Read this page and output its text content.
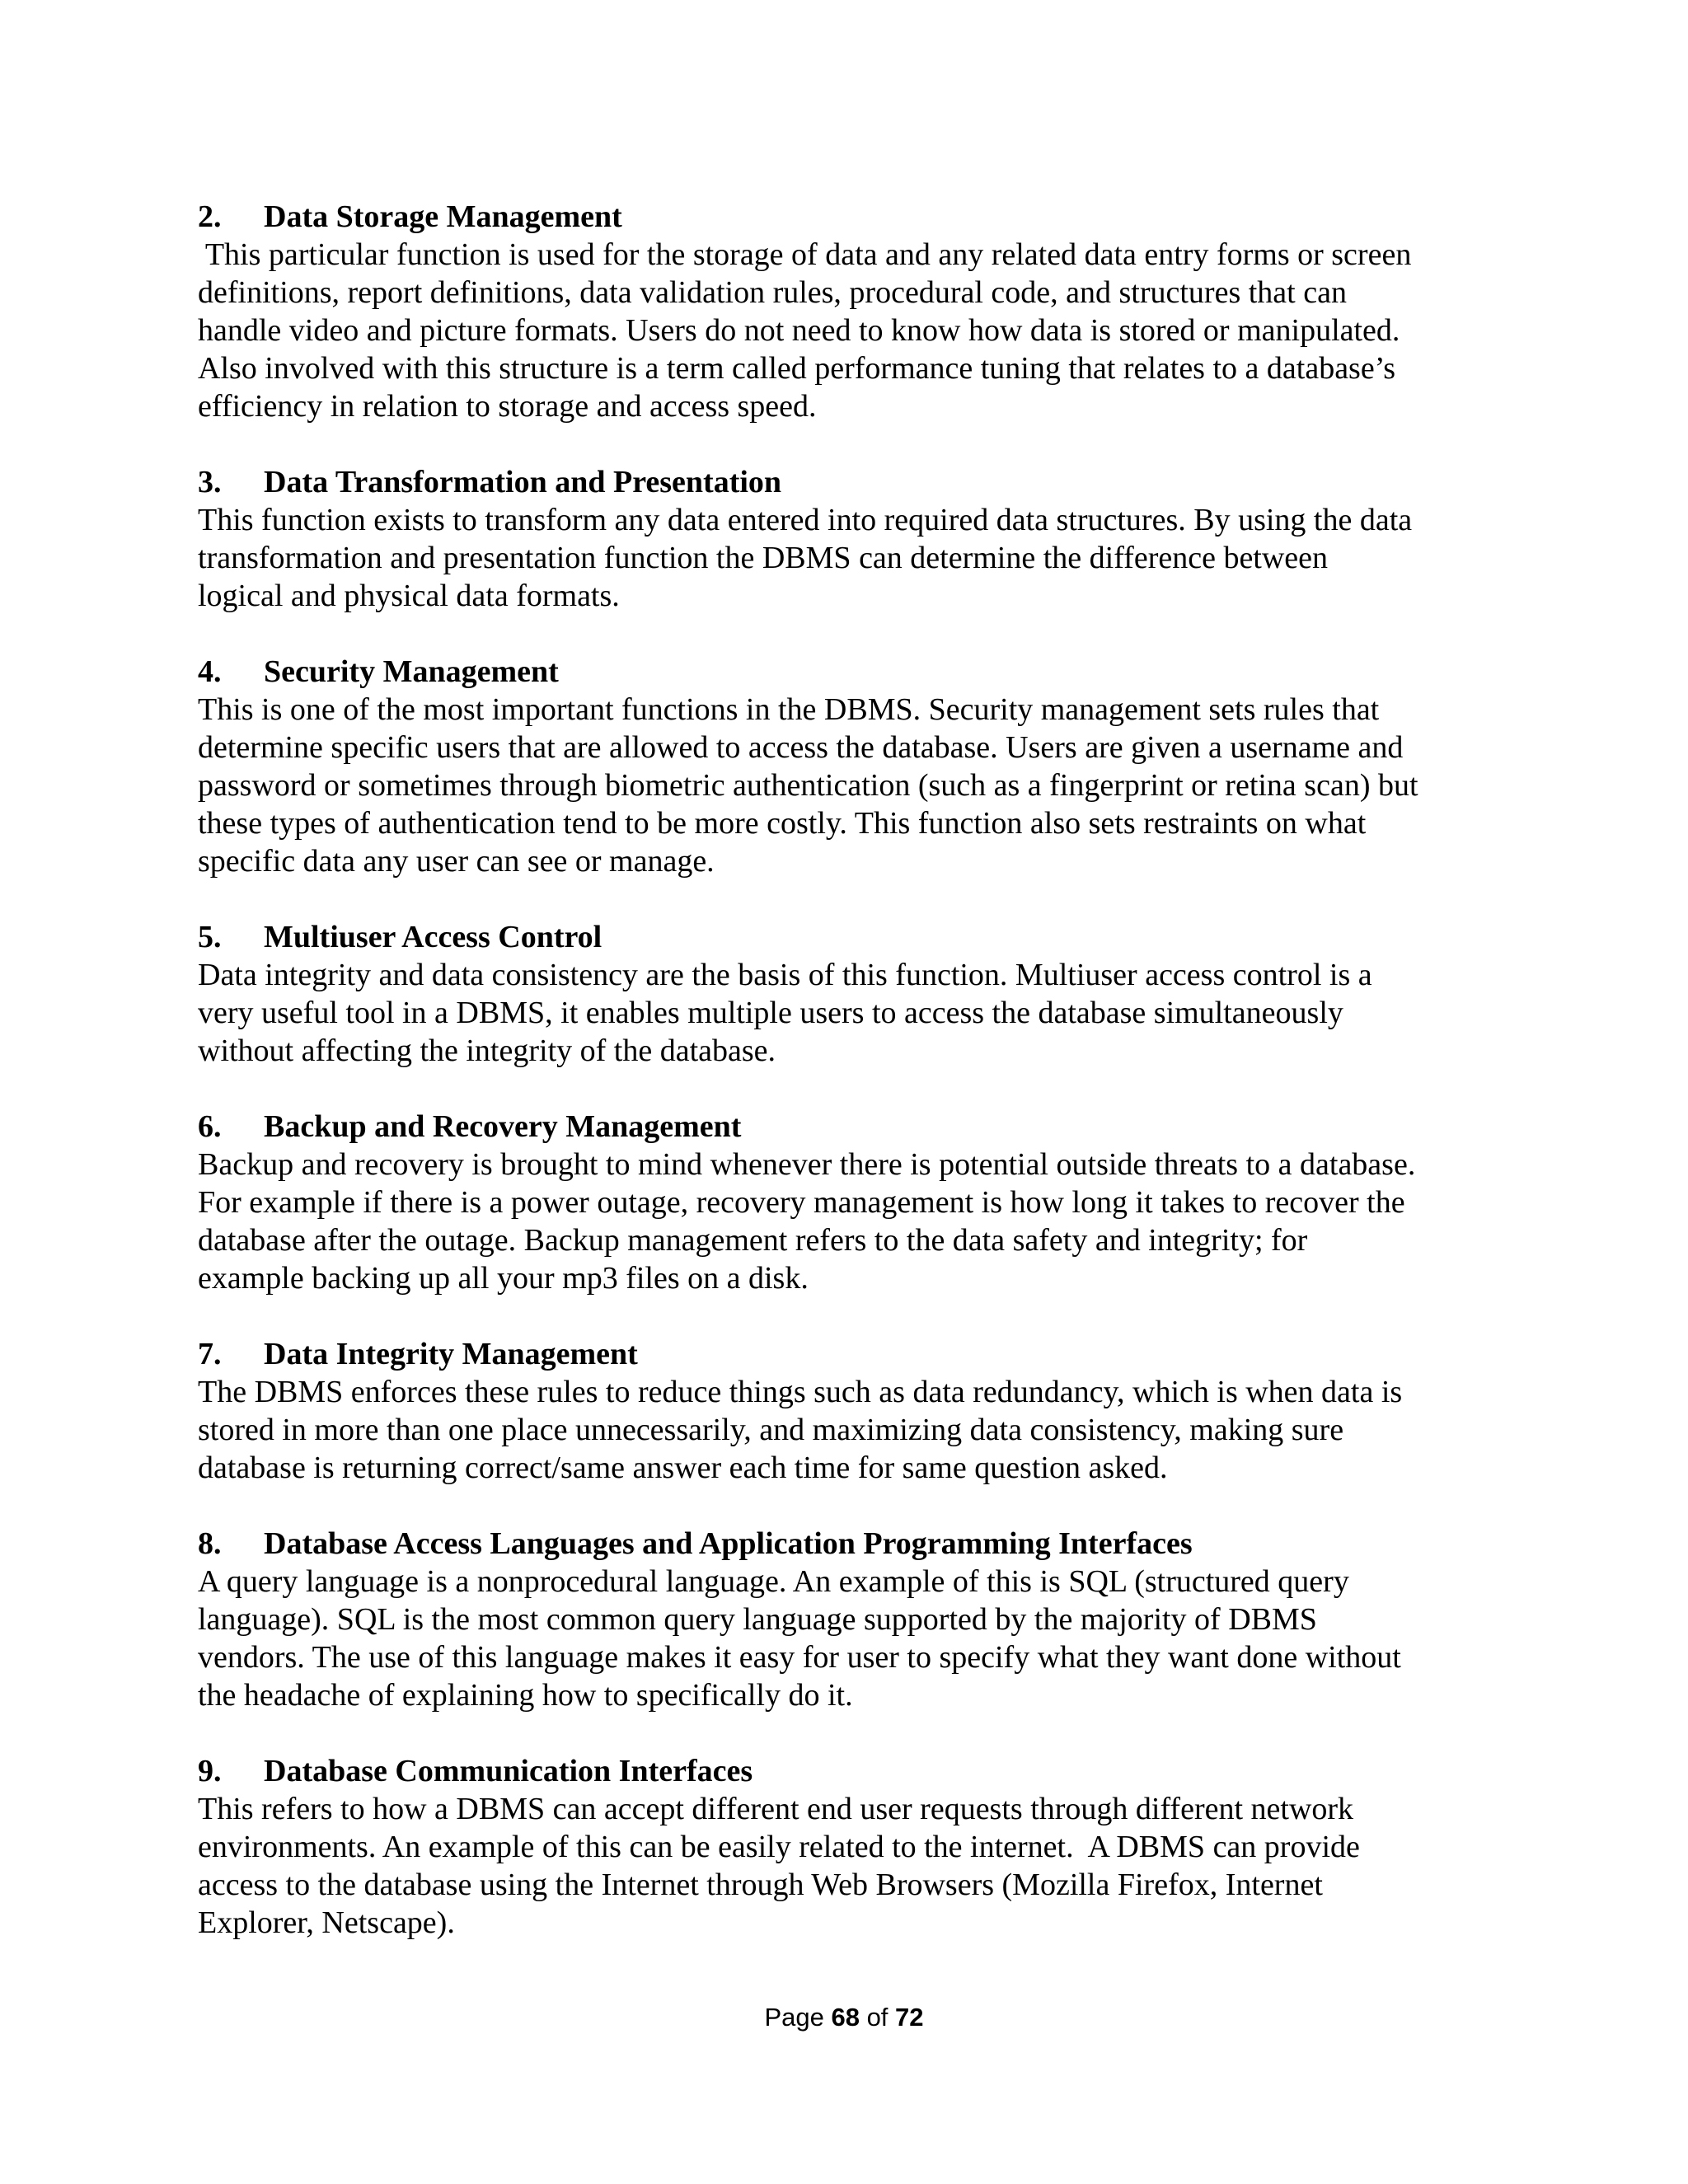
2. Data Storage Management

This particular function is used for the storage of data and any related data entry forms or screen
definitions, report definitions, data validation rules, procedural code, and structures that can
handle video and picture formats. Users do not need to know how data is stored or manipulated.
Also involved with this structure is a term called performance tuning that relates to a database’s
efficiency in relation to storage and access speed.

3. Data Transformation and Presentation

This function exists to transform any data entered into required data structures. By using the data
transformation and presentation function the DBMS can determine the difference between
logical and physical data formats.

4. Security Management

This is one of the most important functions in the DBMS. Security management sets rules that
determine specific users that are allowed to access the database. Users are given a username and
password or sometimes through biometric authentication (such as a fingerprint or retina scan) but
these types of authentication tend to be more costly. This function also sets restraints on what
specific data any user can see or manage.

5. Multiuser Access Control

Data integrity and data consistency are the basis of this function. Multiuser access control is a
very useful tool in a DBMS, it enables multiple users to access the database simultaneously
without affecting the integrity of the database.

6. Backup and Recovery Management

Backup and recovery is brought to mind whenever there is potential outside threats to a database.
For example if there is a power outage, recovery management is how long it takes to recover the
database after the outage. Backup management refers to the data safety and integrity; for
example backing up all your mp3 files on a disk.

7. Data Integrity Management

The DBMS enforces these rules to reduce things such as data redundancy, which is when data is
stored in more than one place unnecessarily, and maximizing data consistency, making sure
database is returning correct/same answer each time for same question asked.

8. Database Access Languages and Application Programming Interfaces

A query language is a nonprocedural language. An example of this is SQL (structured query
language). SQL is the most common query language supported by the majority of DBMS
vendors. The use of this language makes it easy for user to specify what they want done without
the headache of explaining how to specifically do it.

9. Database Communication Interfaces

This refers to how a DBMS can accept different end user requests through different network
environments. An example of this can be easily related to the internet.  A DBMS can provide
access to the database using the Internet through Web Browsers (Mozilla Firefox, Internet
Explorer, Netscape).

Page 68 of 72
